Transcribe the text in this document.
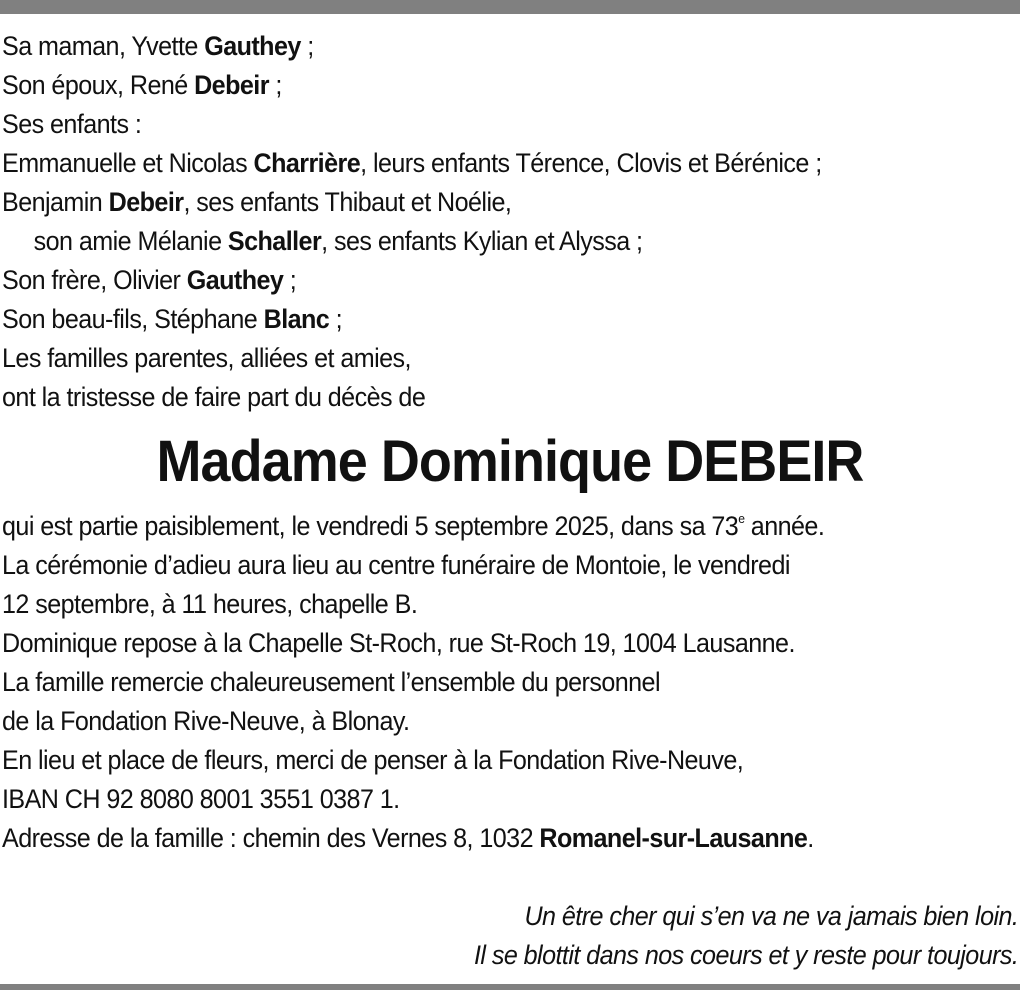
Sa maman, Yvette Gauthey ;
Son époux, René Debeir ;
Ses enfants :
Emmanuelle et Nicolas Charrière, leurs enfants Térence, Clovis et Bérénice ;
Benjamin Debeir, ses enfants Thibaut et Noélie,
son amie Mélanie Schaller, ses enfants Kylian et Alyssa ;
Son frère, Olivier Gauthey ;
Son beau-fils, Stéphane Blanc ;
Les familles parentes, alliées et amies,
ont la tristesse de faire part du décès de
Madame Dominique DEBEIR
qui est partie paisiblement, le vendredi 5 septembre 2025, dans sa 73e année.
La cérémonie d’adieu aura lieu au centre funéraire de Montoie, le vendredi
12 septembre, à 11 heures, chapelle B.
Dominique repose à la Chapelle St-Roch, rue St-Roch 19, 1004 Lausanne.
La famille remercie chaleureusement l’ensemble du personnel
de la Fondation Rive-Neuve, à Blonay.
En lieu et place de fleurs, merci de penser à la Fondation Rive-Neuve,
IBAN CH 92 8080 8001 3551 0387 1.
Adresse de la famille : chemin des Vernes 8, 1032 Romanel-sur-Lausanne.
Un être cher qui s’en va ne va jamais bien loin.
Il se blottit dans nos coeurs et y reste pour toujours.
